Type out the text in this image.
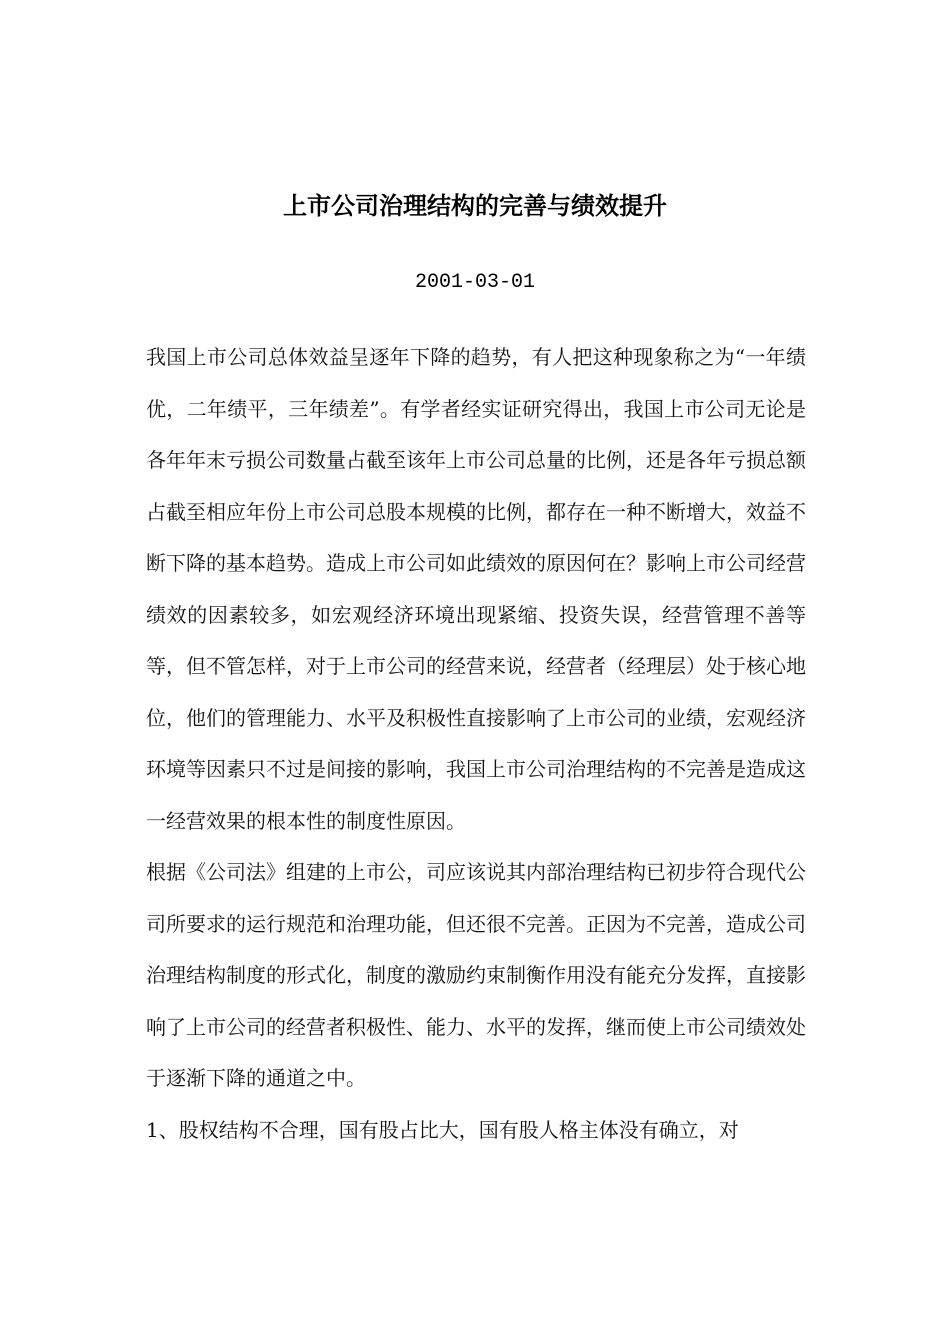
上市公司治理结构的完善与绩效提升
2001-03-01

我国上市公司总体效益呈逐年下降的趋势，有人把这种现象称之为“一年绩优，二年绩平，三年绩差”。有学者经实证研究得出，我国上市公司无论是各年年末亏损公司数量占截至该年上市公司总量的比例，还是各年亏损总额占截至相应年份上市公司总股本规模的比例，都存在一种不断增大，效益不断下降的基本趋势。造成上市公司如此绩效的原因何在？影响上市公司经营绩效的因素较多，如宏观经济环境出现紧缩、投资失误，经营管理不善等等，但不管怎样，对于上市公司的经营来说，经营者（经理层）处于核心地位，他们的管理能力、水平及积极性直接影响了上市公司的业绩，宏观经济环境等因素只不过是间接的影响，我国上市公司治理结构的不完善是造成这一经营效果的根本性的制度性原因。

根据《公司法》组建的上市公，司应该说其内部治理结构已初步符合现代公司所要求的运行规范和治理功能，但还很不完善。正因为不完善，造成公司治理结构制度的形式化，制度的激励约束制衡作用没有能充分发挥，直接影响了上市公司的经营者积极性、能力、水平的发挥，继而使上市公司绩效处于逐渐下降的通道之中。

1、股权结构不合理，国有股占比大，国有股人格主体没有确立，对
